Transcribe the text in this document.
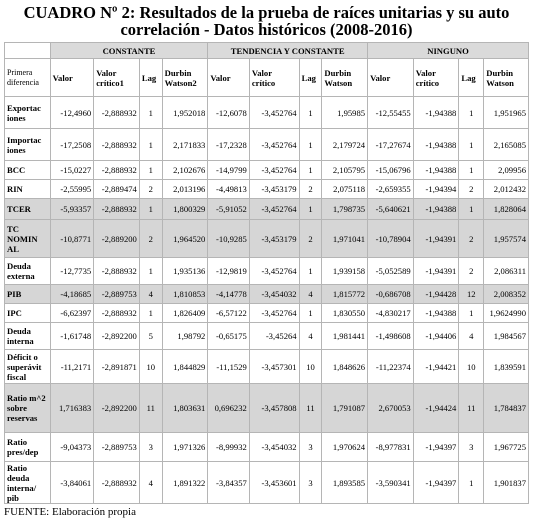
CUADRO Nº 2: Resultados de la prueba de raíces unitarias y su auto
correlación - Datos históricos (2008-2016)
	CONSTANTE				TENDENCIA Y CONSTANTE				NINGUNO			
Primera diferencia	Valor	Valor crítico1	Lag	Durbin Watson2	Valor	Valor crítico	Lag	Durbin Watson	Valor	Valor crítico	Lag	Durbin Watson
Exportac iones	-12,4960	-2,888932	1	1,952018	-12,6078	-3,452764	1	1,95985	-12,55455	-1,94388	1	1,951965
Importac iones	-17,2508	-2,888932	1	2,171833	-17,2328	-3,452764	1	2,179724	-17,27674	-1,94388	1	2,165085
BCC	-15,0227	-2,888932	1	2,102676	-14,9799	-3,452764	1	2,105795	-15,06796	-1,94388	1	2,09956
RIN	-2,55995	-2,889474	2	2,013196	-4,49813	-3,453179	2	2,075118	-2,659355	-1,94394	2	2,012432
TCER	-5,93357	-2,888932	1	1,800329	-5,91052	-3,452764	1	1,798735	-5,640621	-1,94388	1	1,828064
TC NOMIN AL	-10,8771	-2,889200	2	1,964520	-10,9285	-3,453179	2	1,971041	-10,78904	-1,94391	2	1,957574
Deuda externa	-12,7735	-2,888932	1	1,935136	-12,9819	-3,452764	1	1,939158	-5,052589	-1,94391	2	2,086311
PIB	-4,18685	-2,889753	4	1,810853	-4,14778	-3,454032	4	1,815772	-0,686708	-1,94428	12	2,008352
IPC	-6,62397	-2,888932	1	1,826409	-6,57122	-3,452764	1	1,830550	-4,830217	-1,94388	1	1,9624990
Deuda interna	-1,61748	-2,892200	5	1,98792	-0,65175	-3,45264	4	1,981441	-1,498608	-1,94406	4	1,984567
Déficit o superávit fiscal	-11,2171	-2,891871	10	1,844829	-11,1529	-3,457301	10	1,848626	-11,22374	-1,94421	10	1,839591
Ratio m^2 sobre reservas	1,716383	-2,892200	11	1,803631	0,696232	-3,457808	11	1,791087	2,670053	-1,94424	11	1,784837
Ratio pres/dep	-9,04373	-2,889753	3	1,971326	-8,99932	-3,454032	3	1,970624	-8,977831	-1,94397	3	1,967725
Ratio deuda interna/ pib	-3,84061	-2,888932	4	1,891322	-3,84357	-3,453601	3	1,893585	-3,590341	-1,94397	1	1,901837
FUENTE: Elaboración propia
